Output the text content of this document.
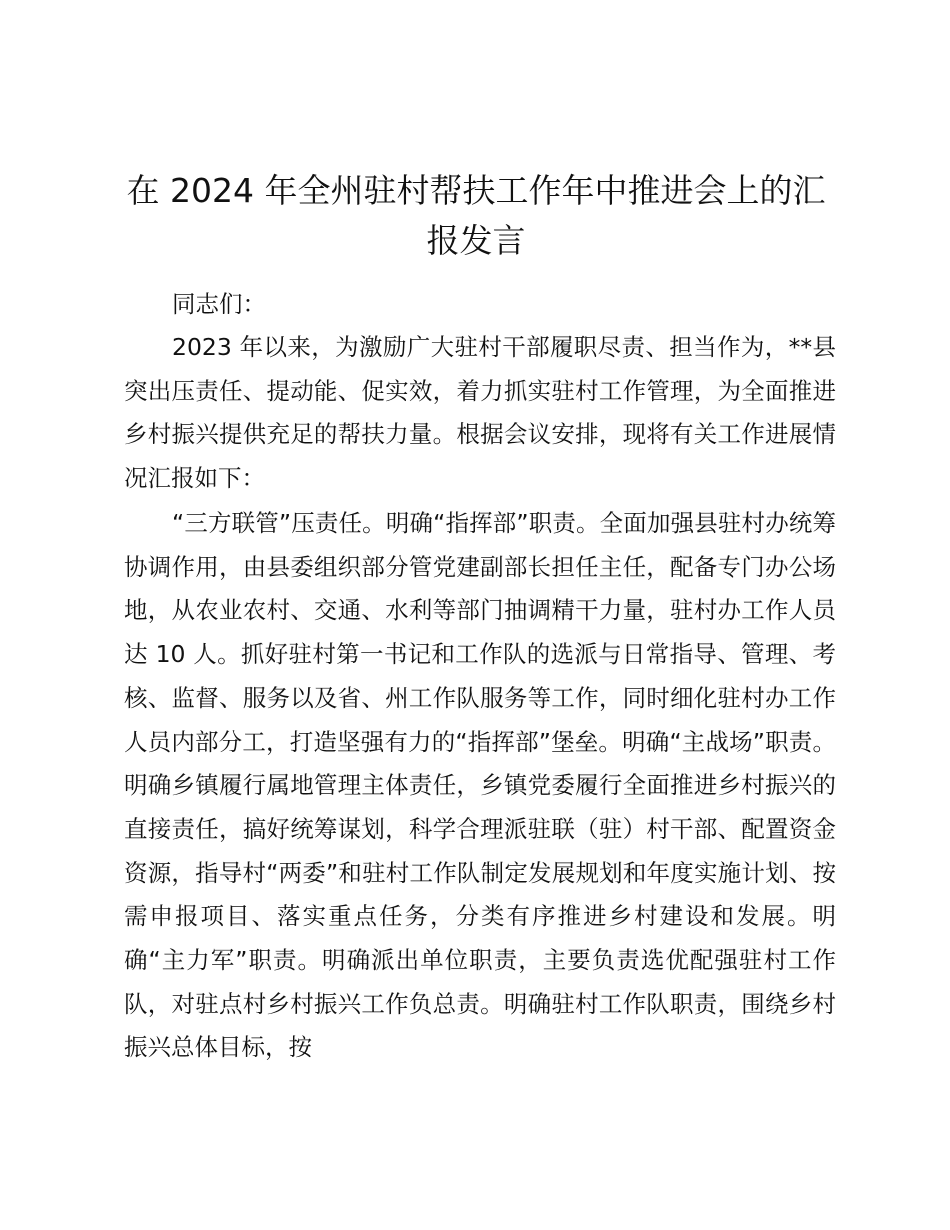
在 2024 年全州驻村帮扶工作年中推进会上的汇报发言

同志们：

2023 年以来，为激励广大驻村干部履职尽责、担当作为，**县突出压责任、提动能、促实效，着力抓实驻村工作管理，为全面推进乡村振兴提供充足的帮扶力量。根据会议安排，现将有关工作进展情况汇报如下：

“三方联管”压责任。明确“指挥部”职责。全面加强县驻村办统筹协调作用，由县委组织部分管党建副部长担任主任，配备专门办公场地，从农业农村、交通、水利等部门抽调精干力量，驻村办工作人员达 10 人。抓好驻村第一书记和工作队的选派与日常指导、管理、考核、监督、服务以及省、州工作队服务等工作，同时细化驻村办工作人员内部分工，打造坚强有力的“指挥部”堡垒。明确“主战场”职责。明确乡镇履行属地管理主体责任，乡镇党委履行全面推进乡村振兴的直接责任，搞好统筹谋划，科学合理派驻联（驻）村干部、配置资金资源，指导村“两委”和驻村工作队制定发展规划和年度实施计划、按需申报项目、落实重点任务，分类有序推进乡村建设和发展。明确“主力军”职责。明确派出单位职责，主要负责选优配强驻村工作队，对驻点村乡村振兴工作负总责。明确驻村工作队职责，围绕乡村振兴总体目标，按
